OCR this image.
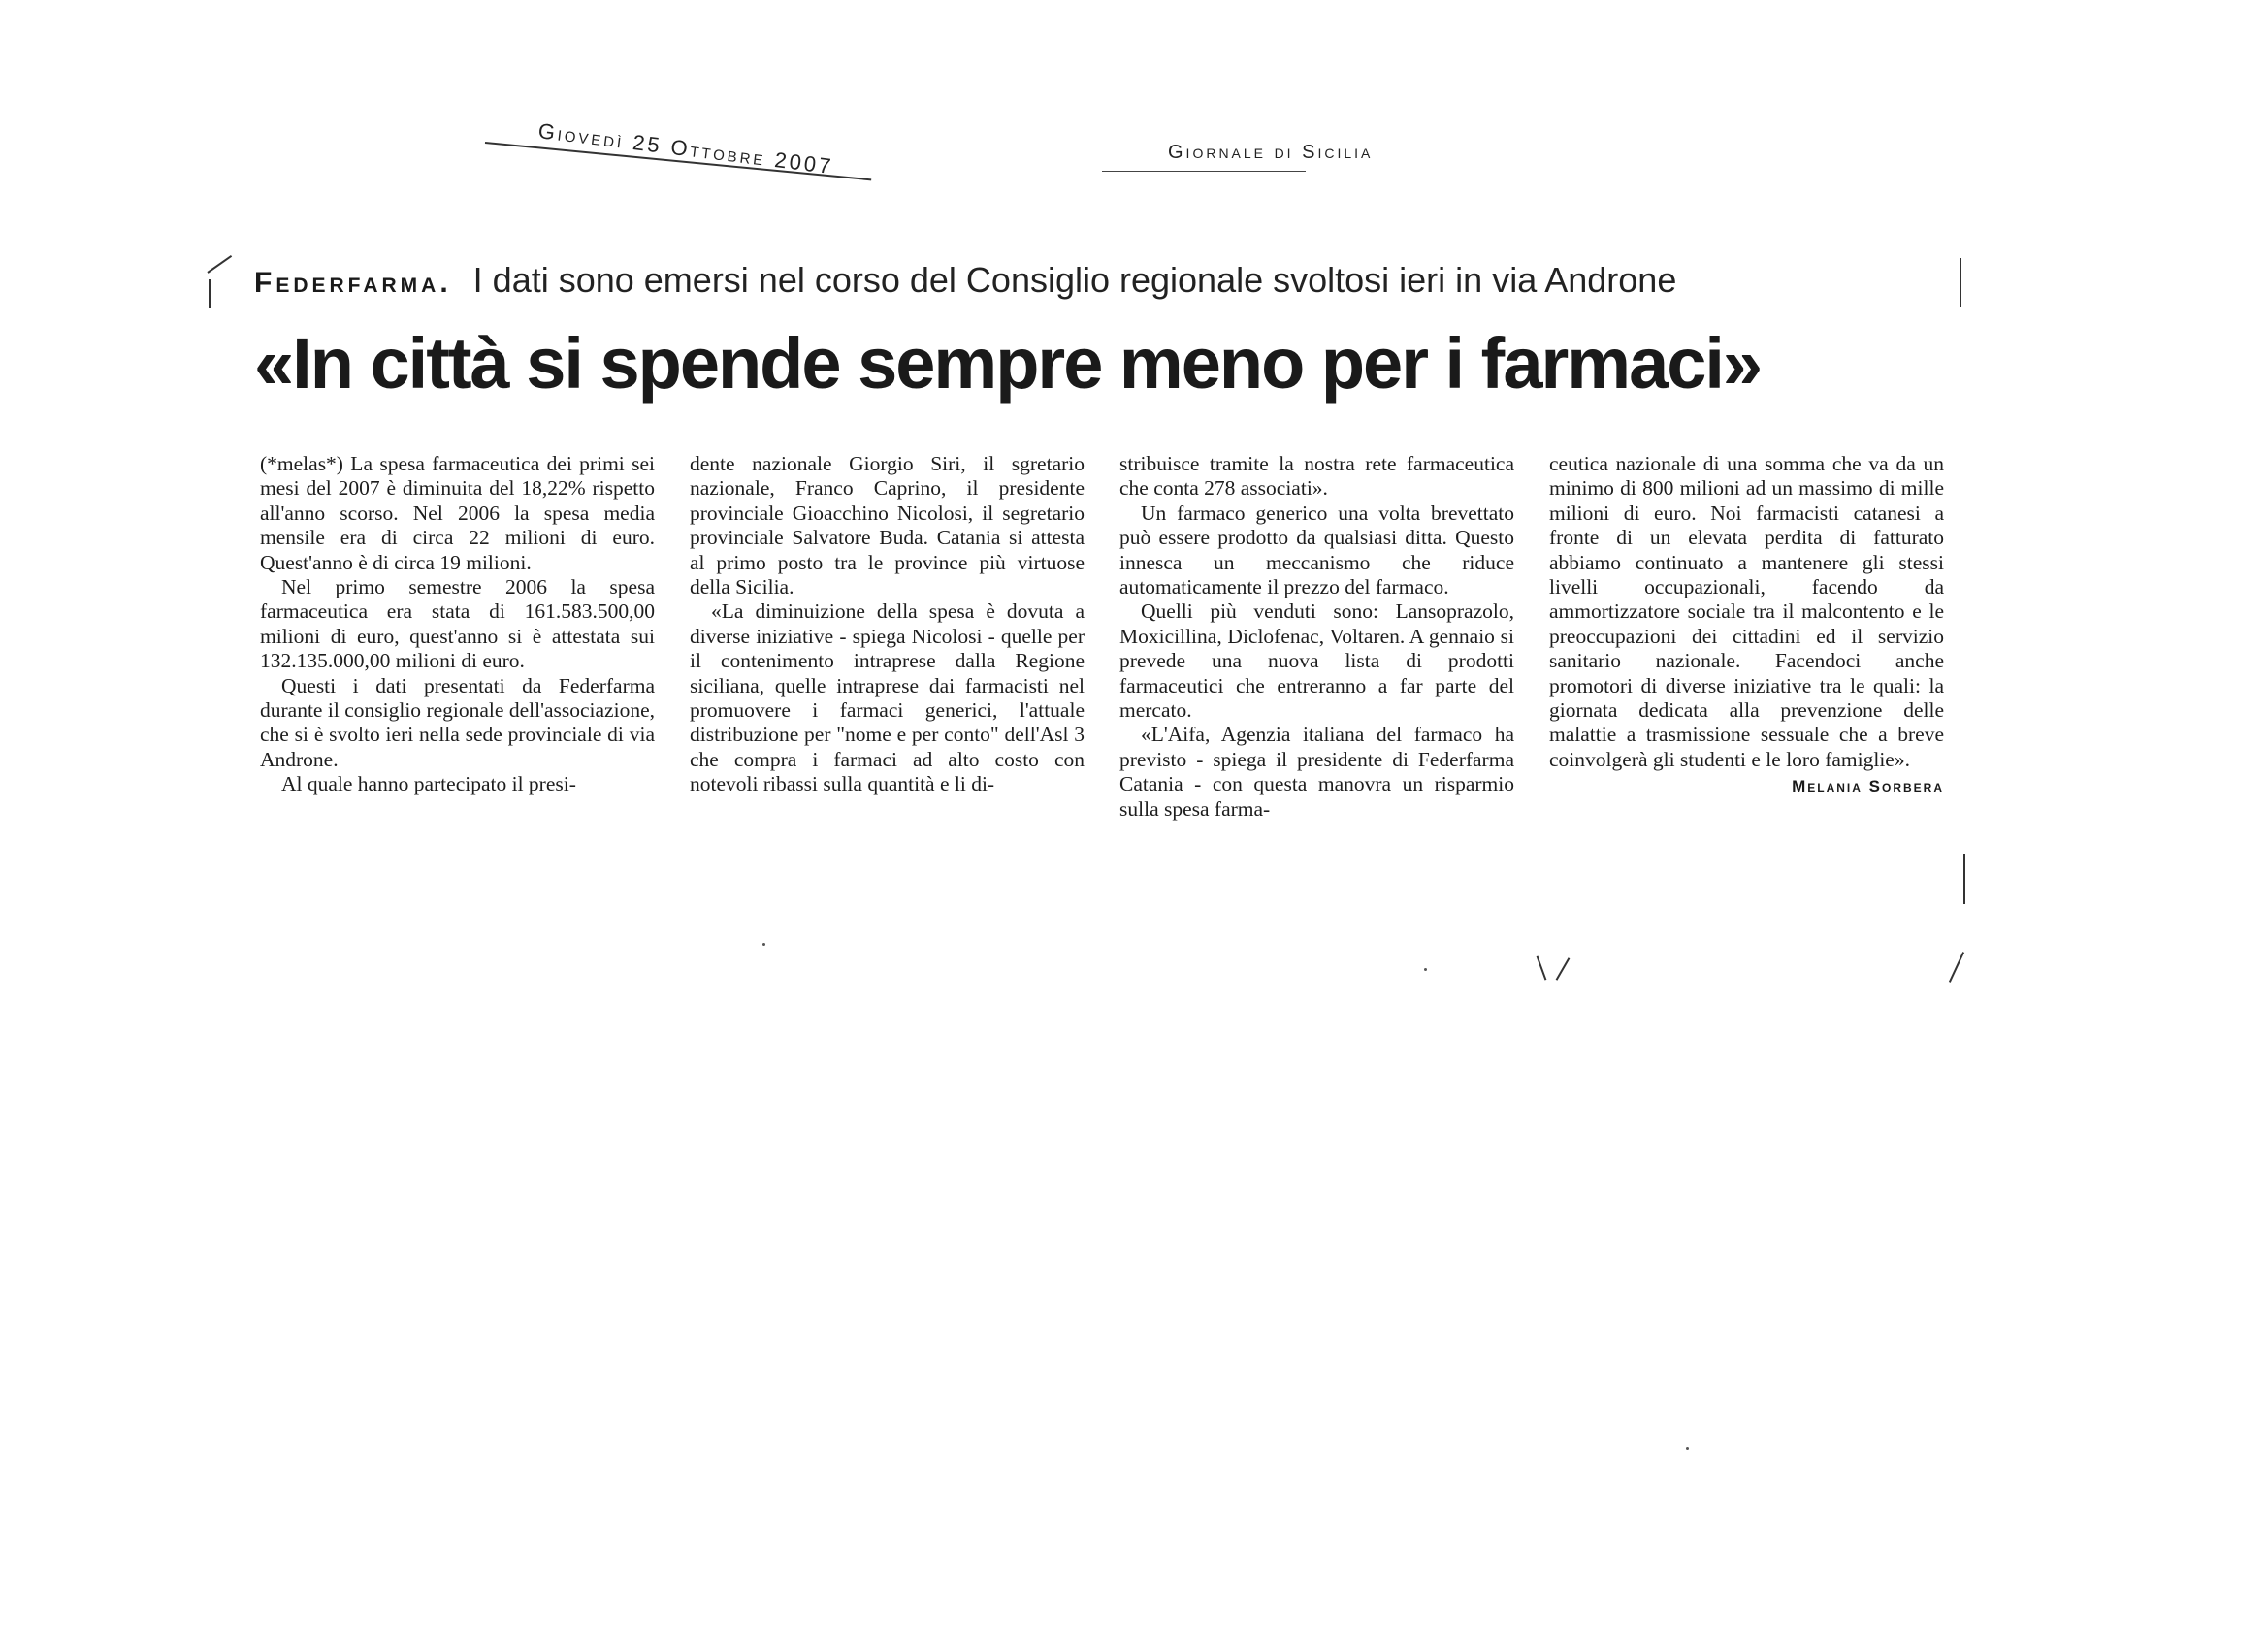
Giovedì 25 Ottobre 2007	Giornale di Sicilia
Federfarma. I dati sono emersi nel corso del Consiglio regionale svoltosi ieri in via Androne
«In città si spende sempre meno per i farmaci»

(*melas*) La spesa farmaceutica dei primi sei mesi del 2007 è diminuita del 18,22% rispetto all'anno scorso. Nel 2006 la spesa media mensile era di circa 22 milioni di euro. Quest'anno è di circa 19 milioni.

Nel primo semestre 2006 la spesa farmaceutica era stata di 161.583.500,00 milioni di euro, quest'anno si è attestata sui 132.135.000,00 milioni di euro.

Questi i dati presentati da Federfarma durante il consiglio regionale dell'associazione, che si è svolto ieri nella sede provinciale di via Androne.

Al quale hanno partecipato il presi-

dente nazionale Giorgio Siri, il sgretario nazionale, Franco Caprino, il presidente provinciale Gioacchino Nicolosi, il segretario provinciale Salvatore Buda. Catania si attesta al primo posto tra le province più virtuose della Sicilia.

«La diminuizione della spesa è dovuta a diverse iniziative - spiega Nicolosi - quelle per il contenimento intraprese dalla Regione siciliana, quelle intraprese dai farmacisti nel promuovere i farmaci generici, l'attuale distribuzione per "nome e per conto" dell'Asl 3 che compra i farmaci ad alto costo con notevoli ribassi sulla quantità e li di-

stribuisce tramite la nostra rete farmaceutica che conta 278 associati».

Un farmaco generico una volta brevettato può essere prodotto da qualsiasi ditta. Questo innesca un meccanismo che riduce automaticamente il prezzo del farmaco.

Quelli più venduti sono: Lansoprazolo, Moxicillina, Diclofenac, Voltaren. A gennaio si prevede una nuova lista di prodotti farmaceutici che entreranno a far parte del mercato.

«L'Aifa, Agenzia italiana del farmaco ha previsto - spiega il presidente di Federfarma Catania - con questa manovra un risparmio sulla spesa farma-

ceutica nazionale di una somma che va da un minimo di 800 milioni ad un massimo di mille milioni di euro. Noi farmacisti catanesi a fronte di un elevata perdita di fatturato abbiamo continuato a mantenere gli stessi livelli occupazionali, facendo da ammortizzatore sociale tra il malcontento e le preoccupazioni dei cittadini ed il servizio sanitario nazionale. Facendoci anche promotori di diverse iniziative tra le quali: la giornata dedicata alla prevenzione delle malattie a trasmissione sessuale che a breve coinvolgerà gli studenti e le loro famiglie».

Melania Sorbera
